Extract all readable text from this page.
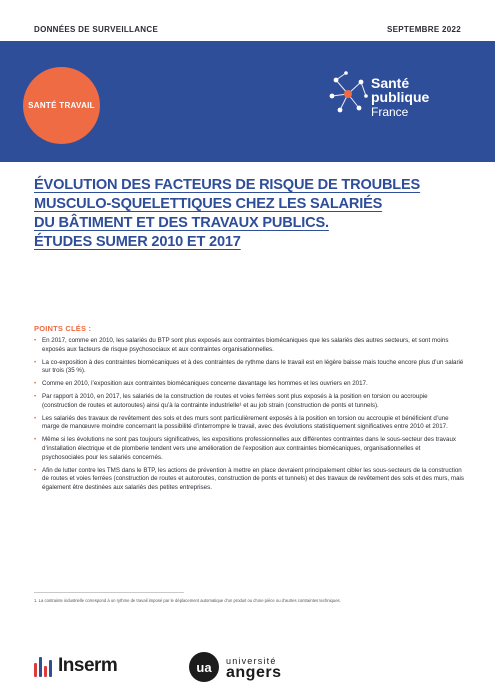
DONNÉES DE SURVEILLANCE	SEPTEMBRE 2022
SANTÉ TRAVAIL
Santé
publique
France
ÉVOLUTION DES FACTEURS DE RISQUE DE TROUBLES
MUSCULO-SQUELETTIQUES CHEZ LES SALARIÉS
DU BÂTIMENT ET DES TRAVAUX PUBLICS.
ÉTUDES SUMER 2010 ET 2017
POINTS CLÉS :
• En 2017, comme en 2010, les salariés du BTP sont plus exposés aux contraintes biomécaniques que les salariés des autres secteurs, et sont moins exposés aux facteurs de risque psychosociaux et aux contraintes organisationnelles.
• La co-exposition à des contraintes biomécaniques et à des contraintes de rythme dans le travail est en légère baisse mais touche encore plus d’un salarié sur trois (35 %).
• Comme en 2010, l’exposition aux contraintes biomécaniques concerne davantage les hommes et les ouvriers en 2017.
• Par rapport à 2010, en 2017, les salariés de la construction de routes et voies ferrées sont plus exposés à la position en torsion ou accroupie (construction de routes et autoroutes) ainsi qu’à la contrainte industrielle¹ et au job strain (construction de ponts et tunnels).
• Les salariés des travaux de revêtement des sols et des murs sont particulièrement exposés à la position en torsion ou accroupie et bénéficient d’une marge de manœuvre moindre concernant la possibilité d’interrompre le travail, avec des évolutions statistiquement significatives entre 2010 et 2017.
• Même si les évolutions ne sont pas toujours significatives, les expositions professionnelles aux différentes contraintes dans le sous-secteur des travaux d’installation électrique et de plomberie tendent vers une amélioration de l’exposition aux contraintes biomécaniques, organisationnelles et psychosociales pour les salariés concernés.
• Afin de lutter contre les TMS dans le BTP, les actions de prévention à mettre en place devraient principalement cibler les sous-secteurs de la construction de routes et voies ferrées (construction de routes et autoroutes, construction de ponts et tunnels) et des travaux de revêtement des sols et des murs, mais également être destinées aux salariés des petites entreprises.
1. La contrainte industrielle correspond à un rythme de travail imposé par le déplacement automatique d’un produit ou d’une pièce ou d’autres contraintes techniques.
Inserm	ua université
angers
